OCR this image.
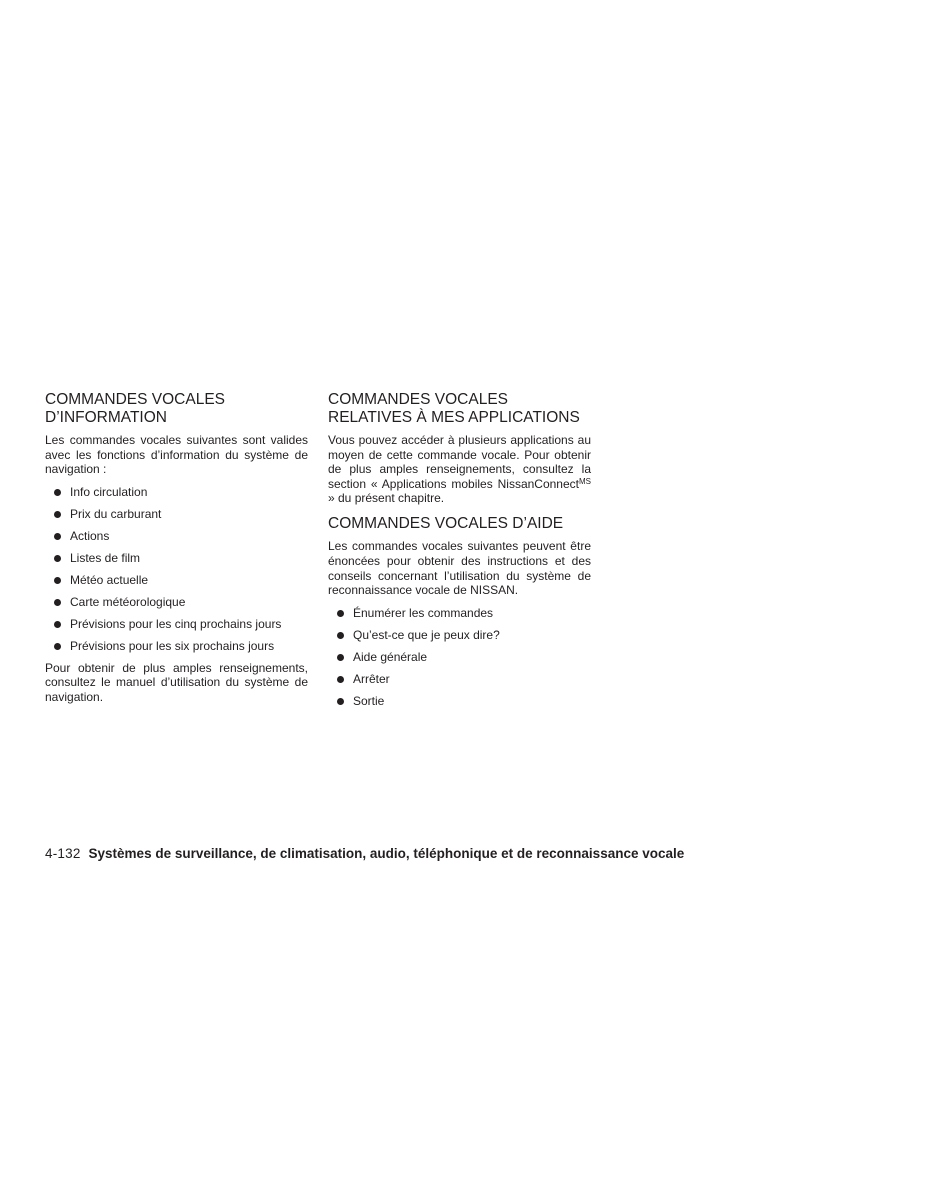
COMMANDES VOCALES
D’INFORMATION

Les commandes vocales suivantes sont valides avec les fonctions d’information du système de navigation :

Info circulation
Prix du carburant
Actions
Listes de film
Météo actuelle
Carte météorologique
Prévisions pour les cinq prochains jours
Prévisions pour les six prochains jours

Pour obtenir de plus amples renseignements, consultez le manuel d’utilisation du système de navigation.

COMMANDES VOCALES
RELATIVES À MES APPLICATIONS

Vous pouvez accéder à plusieurs applications au moyen de cette commande vocale. Pour obtenir de plus amples renseignements, consultez la section « Applications mobiles NissanConnect$^{MS}$ » du présent chapitre.

COMMANDES VOCALES D’AIDE

Les commandes vocales suivantes peuvent être énoncées pour obtenir des instructions et des conseils concernant l’utilisation du système de reconnaissance vocale de NISSAN.

Énumérer les commandes
Qu’est-ce que je peux dire?
Aide générale
Arrêter
Sortie
4-132 Systèmes de surveillance, de climatisation, audio, téléphonique et de reconnaissance vocale
